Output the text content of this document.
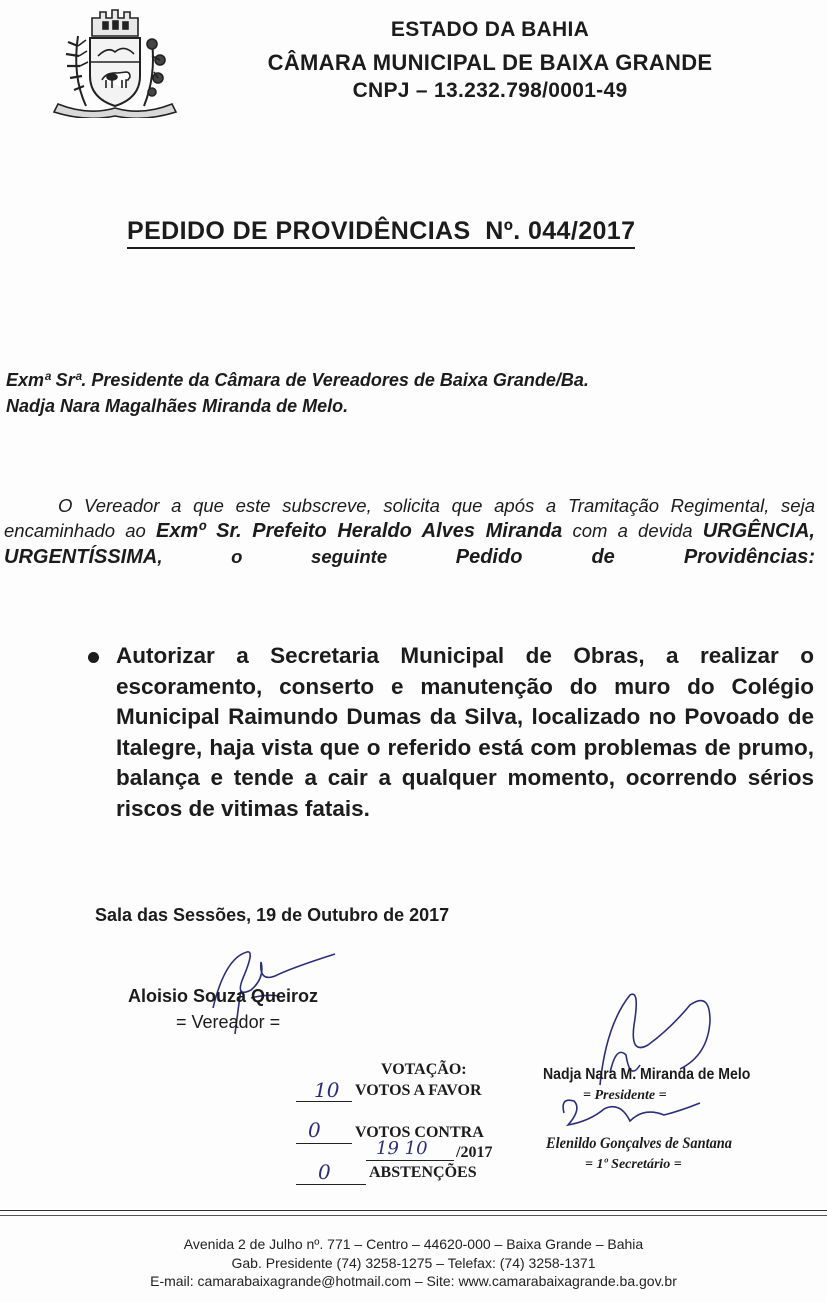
ESTADO DA BAHIA
CÂMARA MUNICIPAL DE BAIXA GRANDE
CNPJ – 13.232.798/0001-49
PEDIDO DE PROVIDÊNCIAS  Nº. 044/2017
Exmª Srª. Presidente da Câmara de Vereadores de Baixa Grande/Ba.
Nadja Nara Magalhães Miranda de Melo.
O Vereador a que este subscreve, solicita que após a Tramitação Regimental, seja encaminhado ao Exmº Sr. Prefeito Heraldo Alves Miranda com a devida URGÊNCIA, URGENTÍSSIMA, o seguinte Pedido de Providências:
Autorizar a Secretaria Municipal de Obras, a realizar o escoramento, conserto e manutenção do muro do Colégio Municipal Raimundo Dumas da Silva, localizado no Povoado de Italegre, haja vista que o referido está com problemas de prumo, balança e tende a cair a qualquer momento, ocorrendo sérios riscos de vitimas fatais.
Sala das Sessões, 19 de Outubro de 2017
Aloisio Souza Queiroz
= Vereador =
VOTAÇÃO:
10 VOTOS A FAVOR
0 VOTOS CONTRA
19 10 /2017
0 ABSTENÇÕES
Nadja Nara M. Miranda de Melo
= Presidente =
Elenildo Gonçalves de Santana
= 1º Secretário =
Avenida 2 de Julho nº. 771 – Centro – 44620-000 – Baixa Grande – Bahia
Gab. Presidente (74) 3258-1275 – Telefax: (74) 3258-1371
E-mail: camarabaixagrande@hotmail.com – Site: www.camarabaixagrande.ba.gov.br
